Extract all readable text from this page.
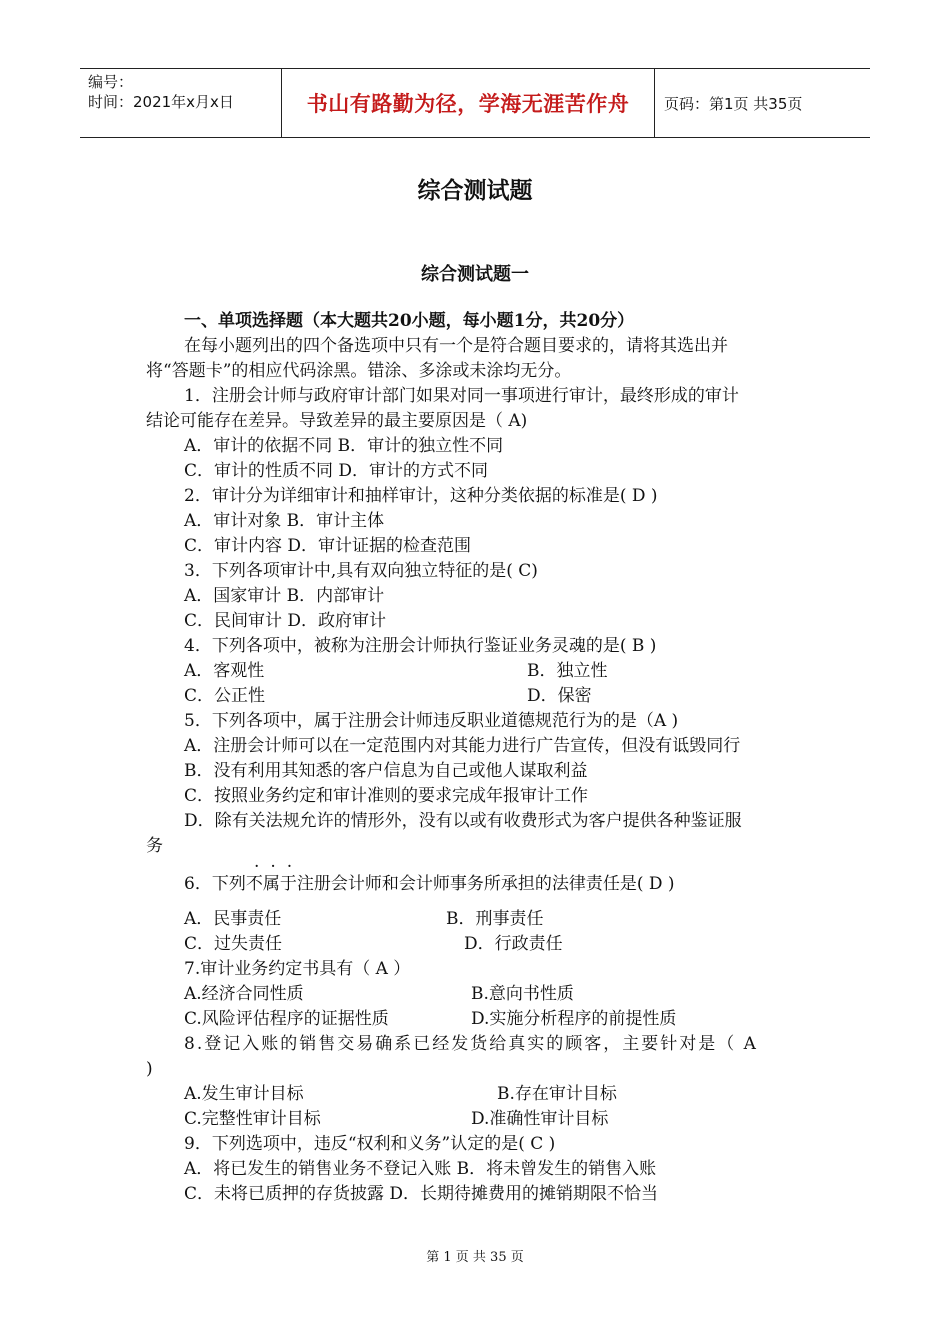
编号：
时间：2021年x月x日	书山有路勤为径，学海无涯苦作舟	页码：第1页 共35页
综合测试题
综合测试题一
一、单项选择题（本大题共20小题，每小题1分，共20分）
在每小题列出的四个备选项中只有一个是符合题目要求的，请将其选出并
将“答题卡”的相应代码涂黑。错涂、多涂或未涂均无分。
1．注册会计师与政府审计部门如果对同一事项进行审计，最终形成的审计
结论可能存在差异。导致差异的最主要原因是（ A)
A．审计的依据不同 B．审计的独立性不同
C．审计的性质不同 D．审计的方式不同
2．审计分为详细审计和抽样审计，这种分类依据的标准是( D )
A．审计对象 B．审计主体
C．审计内容 D．审计证据的检查范围
3．下列各项审计中,具有双向独立特征的是( C)
A．国家审计 B．内部审计
C．民间审计 D．政府审计
4．下列各项中，被称为注册会计师执行鉴证业务灵魂的是( B )
A．客观性	B．独立性
C．公正性	D．保密
5．下列各项中，属于注册会计师违反职业道德规范行为的是（A )
A．注册会计师可以在一定范围内对其能力进行广告宣传，但没有诋毁同行
B．没有利用其知悉的客户信息为自己或他人谋取利益
C．按照业务约定和审计准则的要求完成年报审计工作
D．除有关法规允许的情形外，没有以或有收费形式为客户提供各种鉴证服
务
...
6．下列不属于注册会计师和会计师事务所承担的法律责任是( D )
A．民事责任	B．刑事责任
C．过失责任	D．行政责任
7.审计业务约定书具有（ A ）
A.经济合同性质	B.意向书性质
C.风险评估程序的证据性质	D.实施分析程序的前提性质
8.登记入账的销售交易确系已经发货给真实的顾客，主要针对是（ A
)
A.发生审计目标	B.存在审计目标
C.完整性审计目标	D.准确性审计目标
9．下列选项中，违反“权利和义务”认定的是( C )
A．将已发生的销售业务不登记入账 B．将未曾发生的销售入账
C．未将已质押的存货披露 D．长期待摊费用的摊销期限不恰当
第 1 页 共 35 页
